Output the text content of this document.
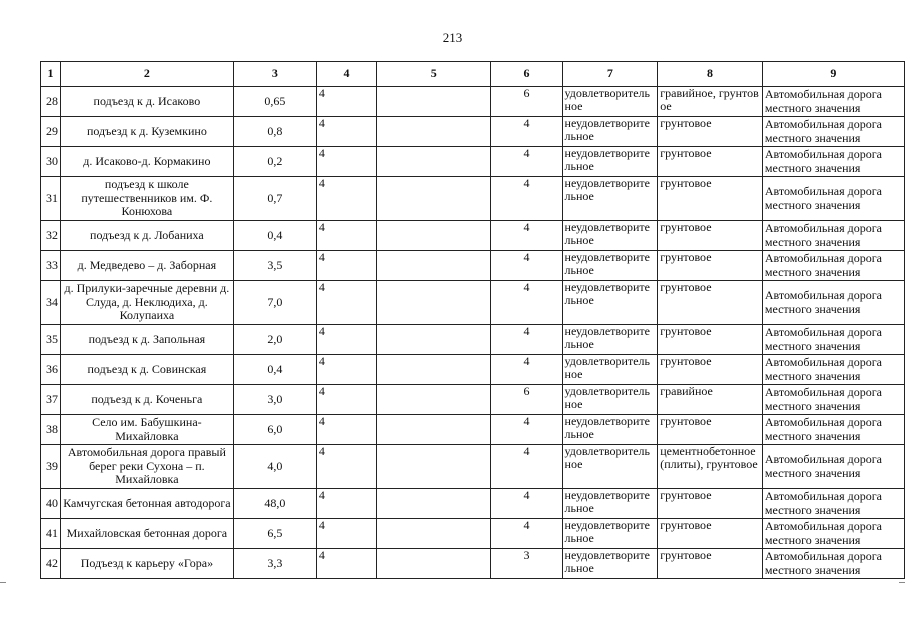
213
1	2	3	4	5	6	7	8	9
28	подъезд к д. Исаково	0,65	4		6	удовлетворительное	гравийное, грунтовое	Автомобильная дорога местного значения
29	подъезд к д. Куземкино	0,8	4		4	неудовлетворительное	грунтовое	Автомобильная дорога местного значения
30	д. Исаково-д. Кормакино	0,2	4		4	неудовлетворительное	грунтовое	Автомобильная дорога местного значения
31	подъезд к школе путешественников им. Ф. Конюхова	0,7	4		4	неудовлетворительное	грунтовое	Автомобильная дорога местного значения
32	подъезд к д. Лобаниха	0,4	4		4	неудовлетворительное	грунтовое	Автомобильная дорога местного значения
33	д. Медведево – д. Заборная	3,5	4		4	неудовлетворительное	грунтовое	Автомобильная дорога местного значения
34	д. Прилуки-заречные деревни д. Слуда, д. Неклюдиха, д. Колупаиха	7,0	4		4	неудовлетворительное	грунтовое	Автомобильная дорога местного значения
35	подъезд к д. Запольная	2,0	4		4	неудовлетворительное	грунтовое	Автомобильная дорога местного значения
36	подъезд к д. Совинская	0,4	4		4	удовлетворительное	грунтовое	Автомобильная дорога местного значения
37	подъезд к д. Коченьга	3,0	4		6	удовлетворительное	гравийное	Автомобильная дорога местного значения
38	Село им. Бабушкина-Михайловка	6,0	4		4	неудовлетворительное	грунтовое	Автомобильная дорога местного значения
39	Автомобильная дорога правый берег реки Сухона – п. Михайловка	4,0	4		4	удовлетворительное	цементнобетонное (плиты), грунтовое	Автомобильная дорога местного значения
40	Камчугская бетонная автодорога	48,0	4		4	неудовлетворительное	грунтовое	Автомобильная дорога местного значения
41	Михайловская бетонная дорога	6,5	4		4	неудовлетворительное	грунтовое	Автомобильная дорога местного значения
42	Подъезд к карьеру «Гора»	3,3	4		3	неудовлетворительное	грунтовое	Автомобильная дорога местного значения
